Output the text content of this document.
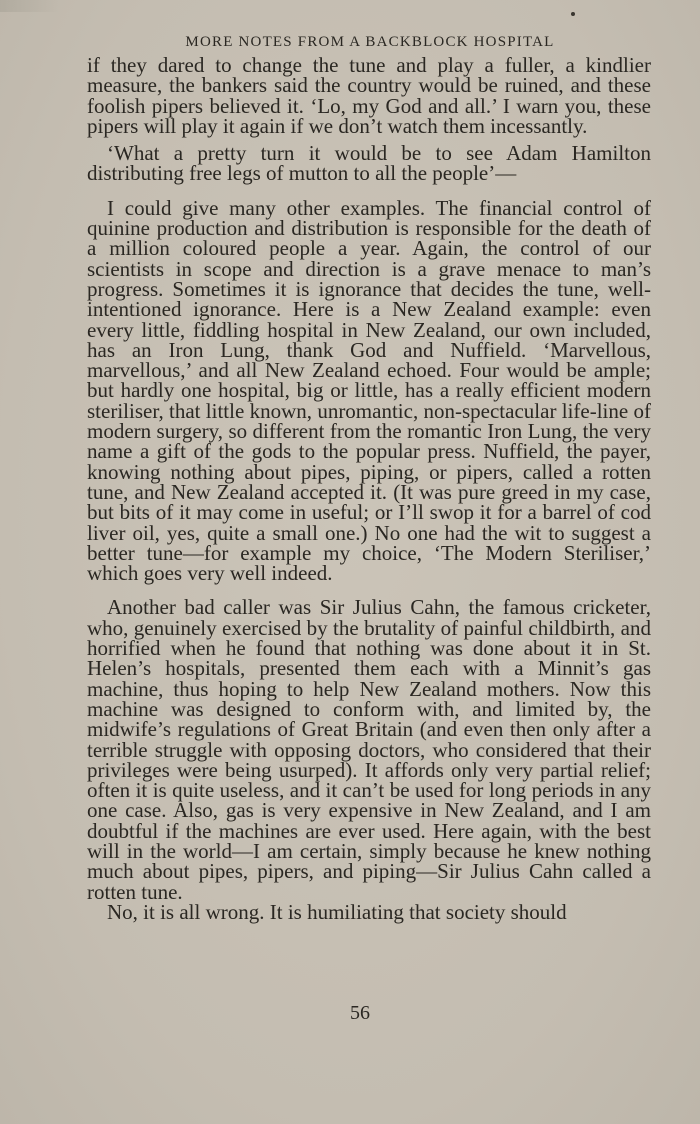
MORE NOTES FROM A BACKBLOCK HOSPITAL

if they dared to change the tune and play a fuller, a kindlier measure, the bankers said the country would be ruined, and these foolish pipers believed it. ‘Lo, my God and all.’ I warn you, these pipers will play it again if we don’t watch them incessantly.

‘What a pretty turn it would be to see Adam Hamilton distributing free legs of mutton to all the people’—

I could give many other examples. The financial control of quinine production and distribution is responsible for the death of a million coloured people a year. Again, the control of our scientists in scope and direction is a grave menace to man’s progress. Sometimes it is ignorance that decides the tune, well-intentioned ignorance. Here is a New Zealand example: even every little, fiddling hospital in New Zealand, our own included, has an Iron Lung, thank God and Nuffield. ‘Marvellous, marvellous,’ and all New Zealand echoed. Four would be ample; but hardly one hospital, big or little, has a really efficient modern steriliser, that little known, unromantic, non-spectacular life-line of modern surgery, so different from the romantic Iron Lung, the very name a gift of the gods to the popular press. Nuffield, the payer, knowing nothing about pipes, piping, or pipers, called a rotten tune, and New Zealand accepted it. (It was pure greed in my case, but bits of it may come in useful; or I’ll swop it for a barrel of cod liver oil, yes, quite a small one.) No one had the wit to suggest a better tune—for example my choice, ‘The Modern Steriliser,’ which goes very well indeed.

Another bad caller was Sir Julius Cahn, the famous cricketer, who, genuinely exercised by the brutality of painful childbirth, and horrified when he found that nothing was done about it in St. Helen’s hospitals, presented them each with a Minnit’s gas machine, thus hoping to help New Zealand mothers. Now this machine was designed to conform with, and limited by, the midwife’s regulations of Great Britain (and even then only after a terrible struggle with opposing doctors, who considered that their privileges were being usurped). It affords only very partial relief; often it is quite useless, and it can’t be used for long periods in any one case. Also, gas is very expensive in New Zealand, and I am doubtful if the machines are ever used. Here again, with the best will in the world—I am certain, simply because he knew nothing much about pipes, pipers, and piping—Sir Julius Cahn called a rotten tune.

No, it is all wrong. It is humiliating that society should

56
